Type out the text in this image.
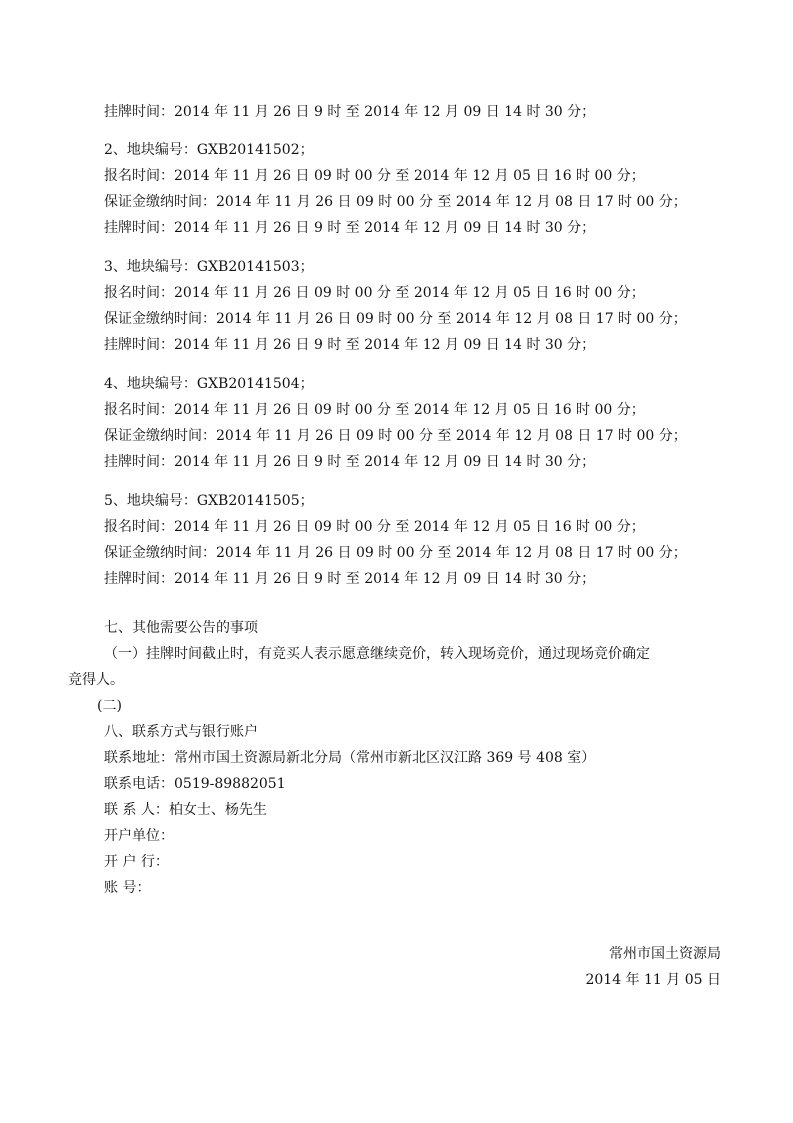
挂牌时间：2014 年 11 月 26 日 9 时 至 2014 年 12 月 09 日 14 时 30 分；
2、地块编号：GXB20141502；
报名时间：2014 年 11 月 26 日 09 时 00 分 至 2014 年 12 月 05 日 16 时 00 分；
保证金缴纳时间：2014 年 11 月 26 日 09 时 00 分 至 2014 年 12 月 08 日 17 时 00 分；
挂牌时间：2014 年 11 月 26 日 9 时 至 2014 年 12 月 09 日 14 时 30 分；
3、地块编号：GXB20141503；
报名时间：2014 年 11 月 26 日 09 时 00 分 至 2014 年 12 月 05 日 16 时 00 分；
保证金缴纳时间：2014 年 11 月 26 日 09 时 00 分 至 2014 年 12 月 08 日 17 时 00 分；
挂牌时间：2014 年 11 月 26 日 9 时 至 2014 年 12 月 09 日 14 时 30 分；
4、地块编号：GXB20141504；
报名时间：2014 年 11 月 26 日 09 时 00 分 至 2014 年 12 月 05 日 16 时 00 分；
保证金缴纳时间：2014 年 11 月 26 日 09 时 00 分 至 2014 年 12 月 08 日 17 时 00 分；
挂牌时间：2014 年 11 月 26 日 9 时 至 2014 年 12 月 09 日 14 时 30 分；
5、地块编号：GXB20141505；
报名时间：2014 年 11 月 26 日 09 时 00 分 至 2014 年 12 月 05 日 16 时 00 分；
保证金缴纳时间：2014 年 11 月 26 日 09 时 00 分 至 2014 年 12 月 08 日 17 时 00 分；
挂牌时间：2014 年 11 月 26 日 9 时 至 2014 年 12 月 09 日 14 时 30 分；
七、其他需要公告的事项
（一）挂牌时间截止时，有竞买人表示愿意继续竞价，转入现场竞价，通过现场竞价确定
竞得人。
(二)
八、联系方式与银行账户
联系地址：常州市国土资源局新北分局（常州市新北区汉江路 369 号 408 室）
联系电话：0519-89882051
联 系 人：柏女士、杨先生
开户单位：
开 户 行：
账 号：
常州市国土资源局
2014 年 11 月 05 日
